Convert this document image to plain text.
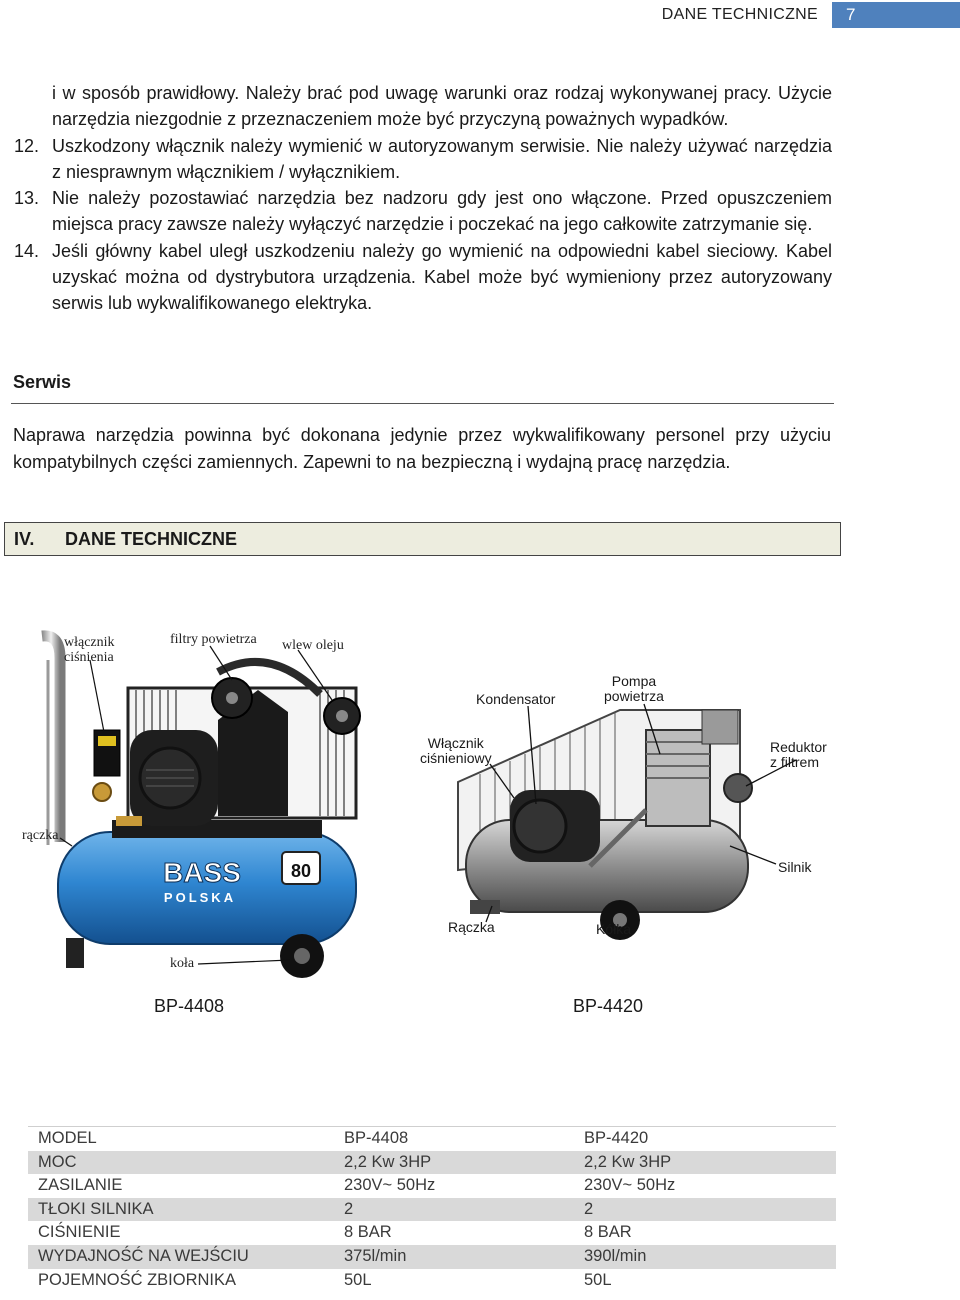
DANE TECHNICZNE	7
i w sposób prawidłowy. Należy brać pod uwagę warunki oraz rodzaj wykonywanej pracy. Użycie narzędzia niezgodnie z przeznaczeniem może być przyczyną poważnych wypadków.
12. Uszkodzony włącznik należy wymienić w autoryzowanym serwisie. Nie należy używać narzędzia z niesprawnym włącznikiem / wyłącznikiem.
13. Nie należy pozostawiać narzędzia bez nadzoru gdy jest ono włączone. Przed opuszczeniem miejsca pracy zawsze należy wyłączyć narzędzie i poczekać na jego całkowite zatrzymanie się.
14. Jeśli główny kabel uległ uszkodzeniu należy go wymienić na odpowiedni kabel sieciowy. Kabel uzyskać można od dystrybutora urządzenia. Kabel może być wymieniony przez autoryzowany serwis lub wykwalifikowanego elektryka.
Serwis
Naprawa narzędzia powinna być dokonana jedynie przez wykwalifikowany personel przy użyciu kompatybilnych części zamiennych. Zapewni to na bezpieczną i wydajną pracę narzędzia.
IV.	DANE TECHNICZNE
80
BASS
POLSKA
włącznik
ciśnienia
filtry powietrza wlew oleju
rączka
koła
BP-4408
Kondensator
Pompa
powietrza
Włącznik
ciśnieniowy
Reduktor
z filtrem
Silnik
Rączka	Kółka
BP-4420
MODEL	BP-4408	BP-4420
MOC	2,2 Kw 3HP	2,2 Kw 3HP
ZASILANIE	230V~ 50Hz	230V~ 50Hz
TŁOKI SILNIKA	2	2
CIŚNIENIE	8 BAR	8 BAR
WYDAJNOŚĆ NA WEJŚCIU	375l/min	390l/min
POJEMNOŚĆ ZBIORNIKA	50L	50L
